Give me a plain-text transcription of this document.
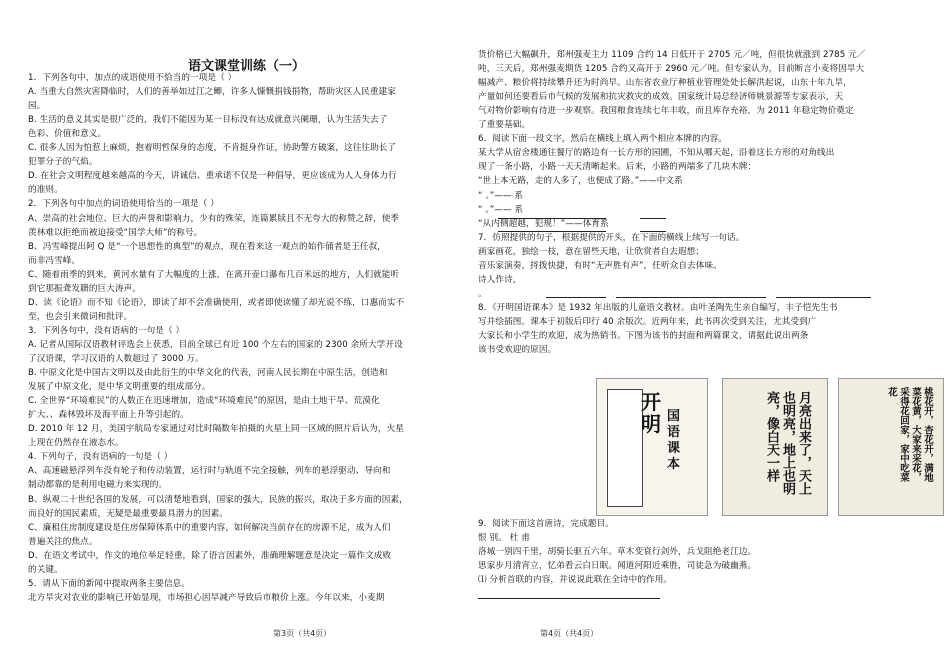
语文课堂训练（一）
1．下列各句中，加点的成语使用不恰当的一项是（ ）
A. 当重大自然灾害降临时，人们的善举如过江之鲫，许多人慷慨捐钱捐物，帮助灾区人民重建家
园。
B. 生活的意义其实是很广泛的，我们不能因为某一目标没有达成就意兴阑珊，认为生活失去了
色彩、价值和意义。
C. 很多人因为怕惹上麻烦，抱着明哲保身的态度，不肯挺身作证，协助警方破案，这往往助长了
犯罪分子的气焰。
D. 在社会文明程度越来越高的今天，讲诚信、重承诺不仅是一种倡导，更应该成为人人身体力行
的准则。
2．下列各句中加点的词语使用恰当的一项是（ ）
A、崇高的社会地位、巨大的声誉和影响力，少有的殊荣，连篇累牍且不无夸大的称赞之辞，使季
羡林难以拒绝而被迫接受“国学大师”的称号。
B、冯雪峰提出阿 Q 是“一个思想性的典型”的观点，现在看来这一观点的始作俑者是王任叔，
而非冯雪峰。
C、随着雨季的到来，黄河水量有了大幅度的上涨，在离开壶口瀑布几百米远的地方，人们就能听
到它那振聋发聩的巨大涛声。
D、读《论语》而不知《论语》，即读了却不会准确使用，或者即使读懂了却光说不练，口惠而实不
至，也会引来微词和批评。
3．下列各句中，没有语病的一句是（ ）
A. 记者从国际汉语教材评选会上获悉，目前全球已有近 100 个左右的国家的 2300 余所大学开设
了汉语课，学习汉语的人数超过了 3000 万。
B. 中原文化是中国古文明以及由此衍生的中华文化的代表，河南人民长期在中原生活，创造和
发展了中原文化，是中华文明重要的组成部分。
C. 全世界“环境难民”的人数正在迅速增加，造成“环境难民”的原因，是由土地干旱、荒漠化
扩大、、森林毁坏及海平面上升等引起的。
D. 2010 年 12 月，美国宇航局专家通过对比时隔数年拍摄的火星上同一区域的照片后认为，火星
上现在仍然存在液态水。
4. 下列句子，没有语病的一句是（ ）
A、高速磁悬浮列车没有轮子和传动装置，运行时与轨道不完全接触，列车的悬浮驱动、导向和
制动都靠的是利用电磁力来实现的。
B、纵观二十世纪各国的发展，可以清楚地看到，国家的强大，民族的振兴，取决于多方面的因素，
而良好的国民素质，无疑是最重要最具潜力的因素。
C、廉租住房制度建设是住房保障体系中的重要内容，如何解决当前存在的房源不足，成为人们
普遍关注的焦点。
D、在语文考试中，作文的地位举足轻重，除了语言因素外，准确理解题意是决定一篇作文成败
的关键。
5．请从下面的新闻中提取两条主要信息。
北方旱灾对农业的影响已开始显现，市场担心因旱减产导致后市粮价上涨。今年以来，小麦期
第3页（共4页）
货价格已大幅飙升，郑州强麦主力 1109 合约 14 日低开于 2705 元／吨，但很快就涨到 2785 元／
吨，三天后，郑州强麦期货 1205 合约又高开于 2960 元／吨。但专家认为，目前断言小麦将因旱大
幅减产、粮价将持续攀升还为时尚早。山东省农业厅种植业管理处处长解洪起说，山东十年九旱，
产量如何还要看后市气候的发展和抗灾救灾的成效。国家统计局总经济师姚景源等专家表示，天
气对物价影响有待进一步观察。我国粮食连续七年丰收，而且库存充裕，为 2011 年稳定物价奠定
了重要基础。
6．阅读下面一段文字，然后在横线上填入两个相应本牌的内容。
某大学从宿舍楼通往餐厅的路边有一长方形的园圃，不知从哪天起，沿着这长方形的对角线出
现了一条小路，小路一天天清晰起来。后来，小路的两端多了几块木牌：
“世上本无路，走的人多了，也便成了路。”——中文系
“ 。”—— 系
“ 。”—— 系
“从内侧超越，犯规！”——体育系
7．仿照提供的句子，根据提供的开头，在下面的横线上续写一句话。
画家画花，独绘一枝，意在留些天地，让欣赏者自去遐想；
音乐家演奏，捋拨快捷，有时“无声胜有声”，任听众自去体味。
诗人作诗，
。
8．《开明国语课本》是 1932 年出版的儿童语文教材。由叶圣陶先生亲自编写，丰子恺先生书
写并绘插图。课本于初版后印行 40 余版次。近两年来，此书再次受到关注，尤其受到广
大家长和小学生的欢迎，成为热销书。下图为该书的封面和两篇课文，请据此说出两条
该书受欢迎的原因。
开明 国语课本	月亮出来了，天上也明亮，地上也明亮，像白天一样	桃花开，杏花开，满地菜花黄，大家来采花，采得花回家，家中吃菜花
9．阅读下面这首唐诗，完成题目。
恨 别。 杜 甫
洛城一别四千里，胡骑长驱五六年。草木变衰行剑外，兵戈阻绝老江边。
思家步月清宵立，忆弟看云白日眠。闻道河阳近乘胜，司徒急为破幽燕。
⑴ 分析首联的内容，并说说此联在全诗中的作用。
第4页（共4页）
